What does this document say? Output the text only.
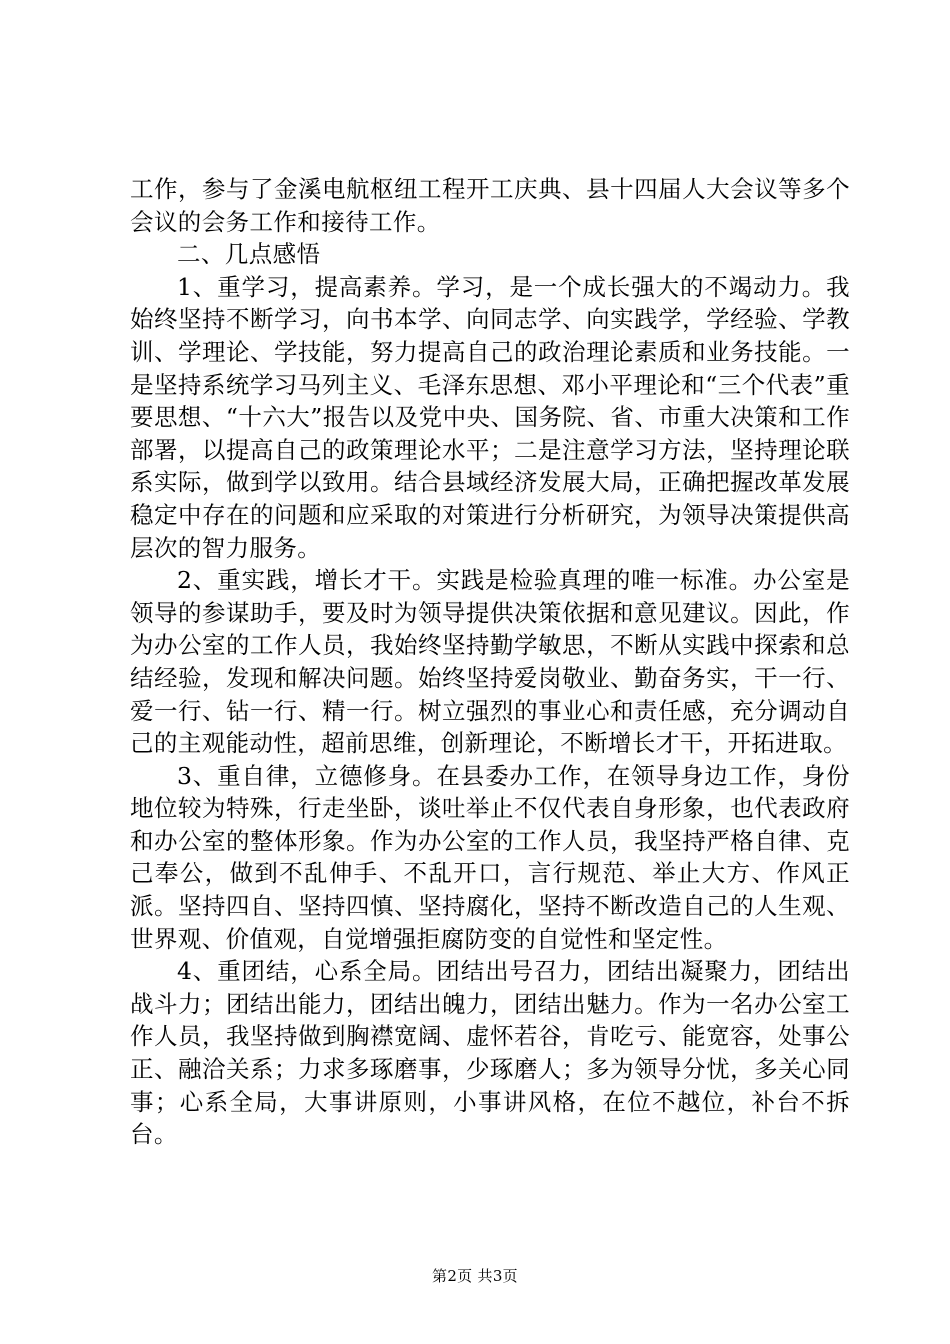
工作，参与了金溪电航枢纽工程开工庆典、县十四届人大会议等多个会议的会务工作和接待工作。

二、几点感悟

1、重学习，提高素养。学习，是一个成长强大的不竭动力。我始终坚持不断学习，向书本学、向同志学、向实践学，学经验、学教训、学理论、学技能，努力提高自己的政治理论素质和业务技能。一是坚持系统学习马列主义、毛泽东思想、邓小平理论和“三个代表”重要思想、“十六大”报告以及党中央、国务院、省、市重大决策和工作部署，以提高自己的政策理论水平；二是注意学习方法，坚持理论联系实际，做到学以致用。结合县域经济发展大局，正确把握改革发展稳定中存在的问题和应采取的对策进行分析研究，为领导决策提供高层次的智力服务。

2、重实践，增长才干。实践是检验真理的唯一标准。办公室是领导的参谋助手，要及时为领导提供决策依据和意见建议。因此，作为办公室的工作人员，我始终坚持勤学敏思，不断从实践中探索和总结经验，发现和解决问题。始终坚持爱岗敬业、勤奋务实，干一行、爱一行、钻一行、精一行。树立强烈的事业心和责任感，充分调动自己的主观能动性，超前思维，创新理论，不断增长才干，开拓进取。

3、重自律，立德修身。在县委办工作，在领导身边工作，身份地位较为特殊，行走坐卧，谈吐举止不仅代表自身形象，也代表政府和办公室的整体形象。作为办公室的工作人员，我坚持严格自律、克己奉公，做到不乱伸手、不乱开口，言行规范、举止大方、作风正派。坚持四自、坚持四慎、坚持腐化，坚持不断改造自己的人生观、世界观、价值观，自觉增强拒腐防变的自觉性和坚定性。

4、重团结，心系全局。团结出号召力，团结出凝聚力，团结出战斗力；团结出能力，团结出魄力，团结出魅力。作为一名办公室工作人员，我坚持做到胸襟宽阔、虚怀若谷，肯吃亏、能宽容，处事公正、融洽关系；力求多琢磨事，少琢磨人；多为领导分忧，多关心同事；心系全局，大事讲原则，小事讲风格，在位不越位，补台不拆台。

第2页 共3页
